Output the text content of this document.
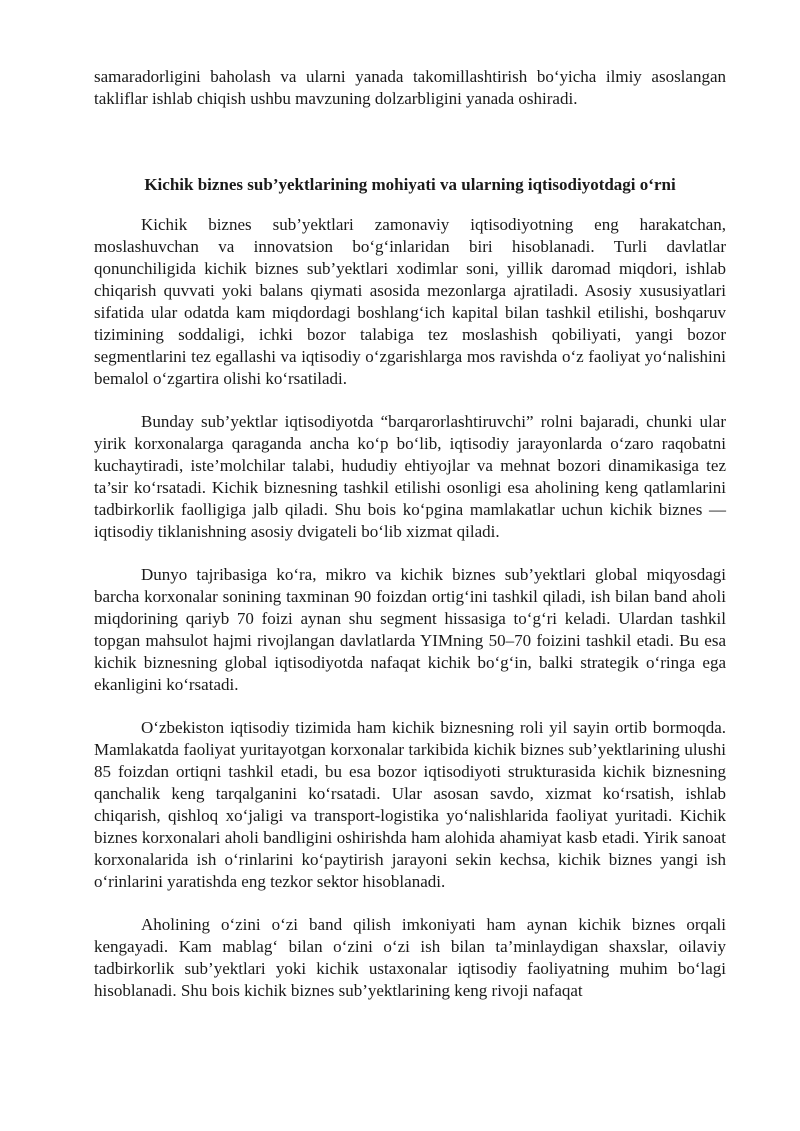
samaradorligini baholash va ularni yanada takomillashtirish bo‘yicha ilmiy asoslangan takliflar ishlab chiqish ushbu mavzuning dolzarbligini yanada oshiradi.

Kichik biznes sub’yektlarining mohiyati va ularning iqtisodiyotdagi o‘rni

Kichik biznes sub’yektlari zamonaviy iqtisodiyotning eng harakatchan, moslashuvchan va innovatsion bo‘g‘inlaridan biri hisoblanadi. Turli davlatlar qonunchiligida kichik biznes sub’yektlari xodimlar soni, yillik daromad miqdori, ishlab chiqarish quvvati yoki balans qiymati asosida mezonlarga ajratiladi. Asosiy xususiyatlari sifatida ular odatda kam miqdordagi boshlang‘ich kapital bilan tashkil etilishi, boshqaruv tizimining soddaligi, ichki bozor talabiga tez moslashish qobiliyati, yangi bozor segmentlarini tez egallashi va iqtisodiy o‘zgarishlarga mos ravishda o‘z faoliyat yo‘nalishini bemalol o‘zgartira olishi ko‘rsatiladi.

Bunday sub’yektlar iqtisodiyotda “barqarorlashtiruvchi” rolni bajaradi, chunki ular yirik korxonalarga qaraganda ancha ko‘p bo‘lib, iqtisodiy jarayonlarda o‘zaro raqobatni kuchaytiradi, iste’molchilar talabi, hududiy ehtiyojlar va mehnat bozori dinamikasiga tez ta’sir ko‘rsatadi. Kichik biznesning tashkil etilishi osonligi esa aholining keng qatlamlarini tadbirkorlik faolligiga jalb qiladi. Shu bois ko‘pgina mamlakatlar uchun kichik biznes — iqtisodiy tiklanishning asosiy dvigateli bo‘lib xizmat qiladi.

Dunyo tajribasiga ko‘ra, mikro va kichik biznes sub’yektlari global miqyosdagi barcha korxonalar sonining taxminan 90 foizdan ortig‘ini tashkil qiladi, ish bilan band aholi miqdorining qariyb 70 foizi aynan shu segment hissasiga to‘g‘ri keladi. Ulardan tashkil topgan mahsulot hajmi rivojlangan davlatlarda YIMning 50–70 foizini tashkil etadi. Bu esa kichik biznesning global iqtisodiyotda nafaqat kichik bo‘g‘in, balki strategik o‘ringa ega ekanligini ko‘rsatadi.

O‘zbekiston iqtisodiy tizimida ham kichik biznesning roli yil sayin ortib bormoqda. Mamlakatda faoliyat yuritayotgan korxonalar tarkibida kichik biznes sub’yektlarining ulushi 85 foizdan ortiqni tashkil etadi, bu esa bozor iqtisodiyoti strukturasida kichik biznesning qanchalik keng tarqalganini ko‘rsatadi. Ular asosan savdo, xizmat ko‘rsatish, ishlab chiqarish, qishloq xo‘jaligi va transport-logistika yo‘nalishlarida faoliyat yuritadi. Kichik biznes korxonalari aholi bandligini oshirishda ham alohida ahamiyat kasb etadi. Yirik sanoat korxonalarida ish o‘rinlarini ko‘paytirish jarayoni sekin kechsa, kichik biznes yangi ish o‘rinlarini yaratishda eng tezkor sektor hisoblanadi.

Aholining o‘zini o‘zi band qilish imkoniyati ham aynan kichik biznes orqali kengayadi. Kam mablag‘ bilan o‘zini o‘zi ish bilan ta’minlaydigan shaxslar, oilaviy tadbirkorlik sub’yektlari yoki kichik ustaxonalar iqtisodiy faoliyatning muhim bo‘lagi hisoblanadi. Shu bois kichik biznes sub’yektlarining keng rivoji nafaqat
